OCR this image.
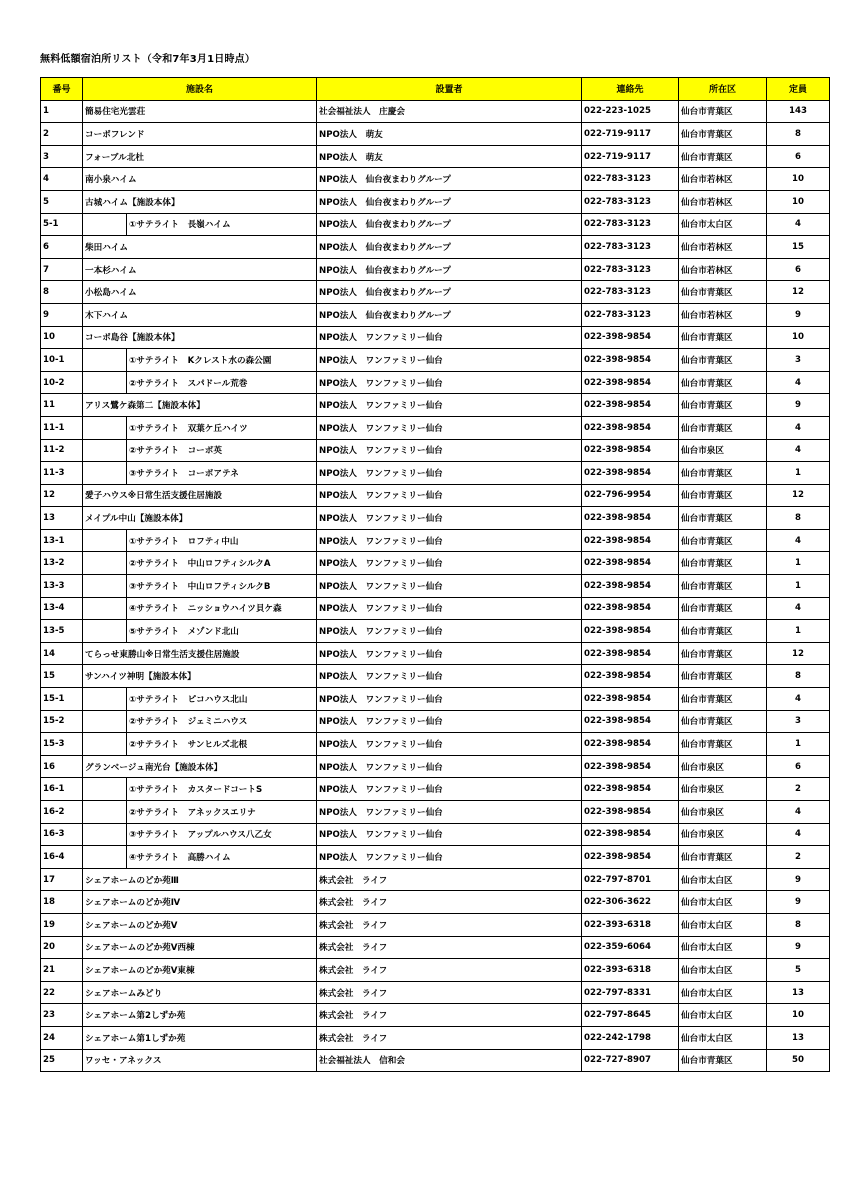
無料低額宿泊所リスト（令和7年3月1日時点）
番号	施設名		設置者	連絡先	所在区	定員
1	簡易住宅光雲荘		社会福祉法人　庄慶会	022-223-1025	仙台市青葉区	143
2	コーポフレンド		NPO法人　萌友	022-719-9117	仙台市青葉区	8
3	フォーブル北杜		NPO法人　萌友	022-719-9117	仙台市青葉区	6
4	南小泉ハイム		NPO法人　仙台夜まわりグループ	022-783-3123	仙台市若林区	10
5	古城ハイム【施設本体】		NPO法人　仙台夜まわりグループ	022-783-3123	仙台市若林区	10
5-1		①サテライト　長嶺ハイム	NPO法人　仙台夜まわりグループ	022-783-3123	仙台市太白区	4
6	柴田ハイム		NPO法人　仙台夜まわりグループ	022-783-3123	仙台市若林区	15
7	一本杉ハイム		NPO法人　仙台夜まわりグループ	022-783-3123	仙台市若林区	6
8	小松島ハイム		NPO法人　仙台夜まわりグループ	022-783-3123	仙台市青葉区	12
9	木下ハイム		NPO法人　仙台夜まわりグループ	022-783-3123	仙台市若林区	9
10	コーポ島谷【施設本体】		NPO法人　ワンファミリー仙台	022-398-9854	仙台市青葉区	10
10-1		①サテライト　Kクレスト水の森公園	NPO法人　ワンファミリー仙台	022-398-9854	仙台市青葉区	3
10-2		②サテライト　スパドール荒巻	NPO法人　ワンファミリー仙台	022-398-9854	仙台市青葉区	4
11	アリス鷺ケ森第二【施設本体】		NPO法人　ワンファミリー仙台	022-398-9854	仙台市青葉区	9
11-1		①サテライト　双葉ケ丘ハイツ	NPO法人　ワンファミリー仙台	022-398-9854	仙台市青葉区	4
11-2		②サテライト　コーポ英	NPO法人　ワンファミリー仙台	022-398-9854	仙台市泉区	4
11-3		③サテライト　コーポアテネ	NPO法人　ワンファミリー仙台	022-398-9854	仙台市青葉区	1
12	愛子ハウス※日常生活支援住居施設		NPO法人　ワンファミリー仙台	022-796-9954	仙台市青葉区	12
13	メイプル中山【施設本体】		NPO法人　ワンファミリー仙台	022-398-9854	仙台市青葉区	8
13-1		①サテライト　ロフティ中山	NPO法人　ワンファミリー仙台	022-398-9854	仙台市青葉区	4
13-2		②サテライト　中山ロフティシルクA	NPO法人　ワンファミリー仙台	022-398-9854	仙台市青葉区	1
13-3		③サテライト　中山ロフティシルクB	NPO法人　ワンファミリー仙台	022-398-9854	仙台市青葉区	1
13-4		④サテライト　ニッショウハイツ貝ケ森	NPO法人　ワンファミリー仙台	022-398-9854	仙台市青葉区	4
13-5		⑤サテライト　メゾンド北山	NPO法人　ワンファミリー仙台	022-398-9854	仙台市青葉区	1
14	てらっせ東勝山※日常生活支援住居施設		NPO法人　ワンファミリー仙台	022-398-9854	仙台市青葉区	12
15	サンハイツ神明【施設本体】		NPO法人　ワンファミリー仙台	022-398-9854	仙台市青葉区	8
15-1		①サテライト　ピコハウス北山	NPO法人　ワンファミリー仙台	022-398-9854	仙台市青葉区	4
15-2		②サテライト　ジェミニハウス	NPO法人　ワンファミリー仙台	022-398-9854	仙台市青葉区	3
15-3		②サテライト　サンヒルズ北根	NPO法人　ワンファミリー仙台	022-398-9854	仙台市青葉区	1
16	グランベージュ南光台【施設本体】		NPO法人　ワンファミリー仙台	022-398-9854	仙台市泉区	6
16-1		①サテライト　カスタードコートS	NPO法人　ワンファミリー仙台	022-398-9854	仙台市泉区	2
16-2		②サテライト　アネックスエリナ	NPO法人　ワンファミリー仙台	022-398-9854	仙台市泉区	4
16-3		③サテライト　アップルハウス八乙女	NPO法人　ワンファミリー仙台	022-398-9854	仙台市泉区	4
16-4		④サテライト　高勝ハイム	NPO法人　ワンファミリー仙台	022-398-9854	仙台市青葉区	2
17	シェアホームのどか苑Ⅲ		株式会社　ライフ	022-797-8701	仙台市太白区	9
18	シェアホームのどか苑Ⅳ		株式会社　ライフ	022-306-3622	仙台市太白区	9
19	シェアホームのどか苑Ⅴ		株式会社　ライフ	022-393-6318	仙台市太白区	8
20	シェアホームのどか苑Ⅴ西棟		株式会社　ライフ	022-359-6064	仙台市太白区	9
21	シェアホームのどか苑Ⅴ東棟		株式会社　ライフ	022-393-6318	仙台市太白区	5
22	シェアホームみどり		株式会社　ライフ	022-797-8331	仙台市太白区	13
23	シェアホーム第2しずか苑		株式会社　ライフ	022-797-8645	仙台市太白区	10
24	シェアホーム第1しずか苑		株式会社　ライフ	022-242-1798	仙台市太白区	13
25	ワッセ・アネックス		社会福祉法人　信和会	022-727-8907	仙台市青葉区	50
